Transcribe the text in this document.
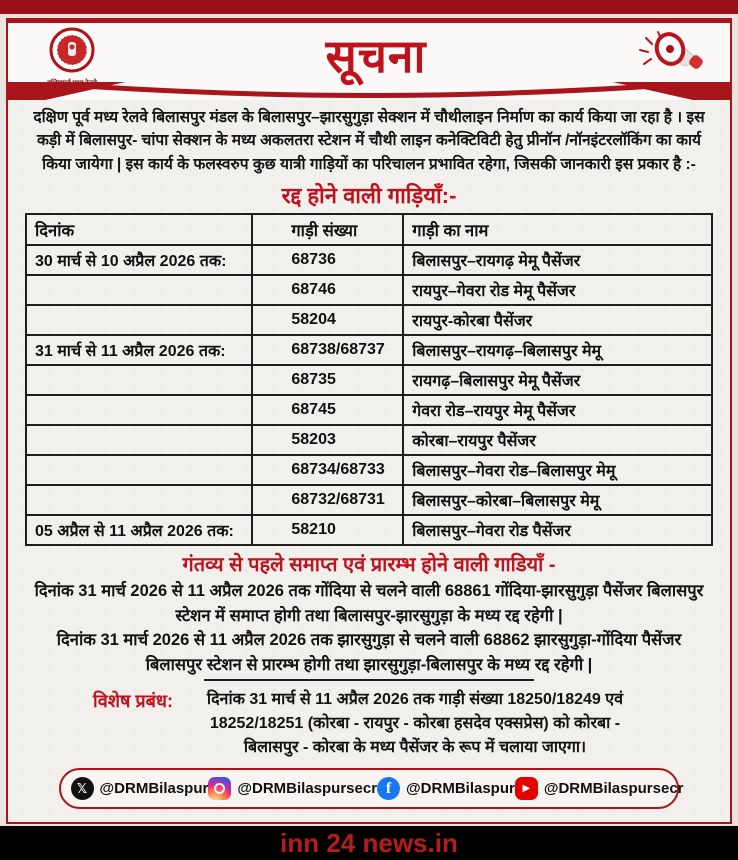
सूचना
दक्षिण पूर्व मध्य रेलवे बिलासपुर मंडल के बिलासपुर–झारसुगुड़ा सेक्शन में चौथीलाइन निर्माण का कार्य किया जा रहा है । इस कड़ी में बिलासपुर- चांपा सेक्शन के मध्य अकलतरा स्टेशन में चौथी लाइन कनेक्टिविटी हेतु प्रीनॉन /नॉनइंटरलॉकिंग का कार्य किया जायेगा | इस कार्य के फलस्वरुप कुछ यात्री गाड़ियों का परिचालन प्रभावित रहेगा, जिसकी जानकारी इस प्रकार है :-
रद्द होने वाली गाड़ियाँ:-
दिनांक	गाड़ी संख्या	गाड़ी का नाम
30 मार्च से 10 अप्रैल 2026 तक:	68736	बिलासपुर–रायगढ़ मेमू पैसेंजर
	68746	रायपुर–गेवरा रोड मेमू पैसेंजर
	58204	रायपुर-कोरबा पैसेंजर
31 मार्च से 11 अप्रैल 2026 तक:	68738/68737	बिलासपुर–रायगढ़–बिलासपुर मेमू
	68735	रायगढ़–बिलासपुर मेमू पैसेंजर
	68745	गेवरा रोड–रायपुर मेमू पैसेंजर
	58203	कोरबा–रायपुर पैसेंजर
	68734/68733	बिलासपुर–गेवरा रोड–बिलासपुर मेमू
	68732/68731	बिलासपुर–कोरबा–बिलासपुर मेमू
05 अप्रैल से 11 अप्रैल 2026 तक:	58210	बिलासपुर–गेवरा रोड पैसेंजर
गंतव्य से पहले समाप्त एवं प्रारम्भ होने वाली गाडियाँ -
दिनांक 31 मार्च 2026 से 11 अप्रैल 2026 तक गोंदिया से चलने वाली 68861 गोंदिया-झारसुगुड़ा पैसेंजर बिलासपुर स्टेशन में समाप्त होगी तथा बिलासपुर-झारसुगुड़ा के मध्य रद्द रहेगी |
दिनांक 31 मार्च 2026 से 11 अप्रैल 2026 तक झारसुगुड़ा से चलने वाली 68862 झारसुगुड़ा-गोंदिया पैसेंजर बिलासपुर स्टेशन से प्रारम्भ होगी तथा झारसुगुड़ा-बिलासपुर के मध्य रद्द रहेगी |
विशेष प्रबंध:	दिनांक 31 मार्च से 11 अप्रैल 2026 तक गाड़ी संख्या 18250/18249 एवं 18252/18251 (कोरबा - रायपुर - कोरबा हसदेव एक्सप्रेस) को कोरबा - बिलासपुर - कोरबा के मध्य पैसेंजर के रूप में चलाया जाएगा।
𝕏 @DRMBilaspur @DRMBilaspursecr f @DRMBilaspur ▶ @DRMBilaspursecr
inn 24 news.in
